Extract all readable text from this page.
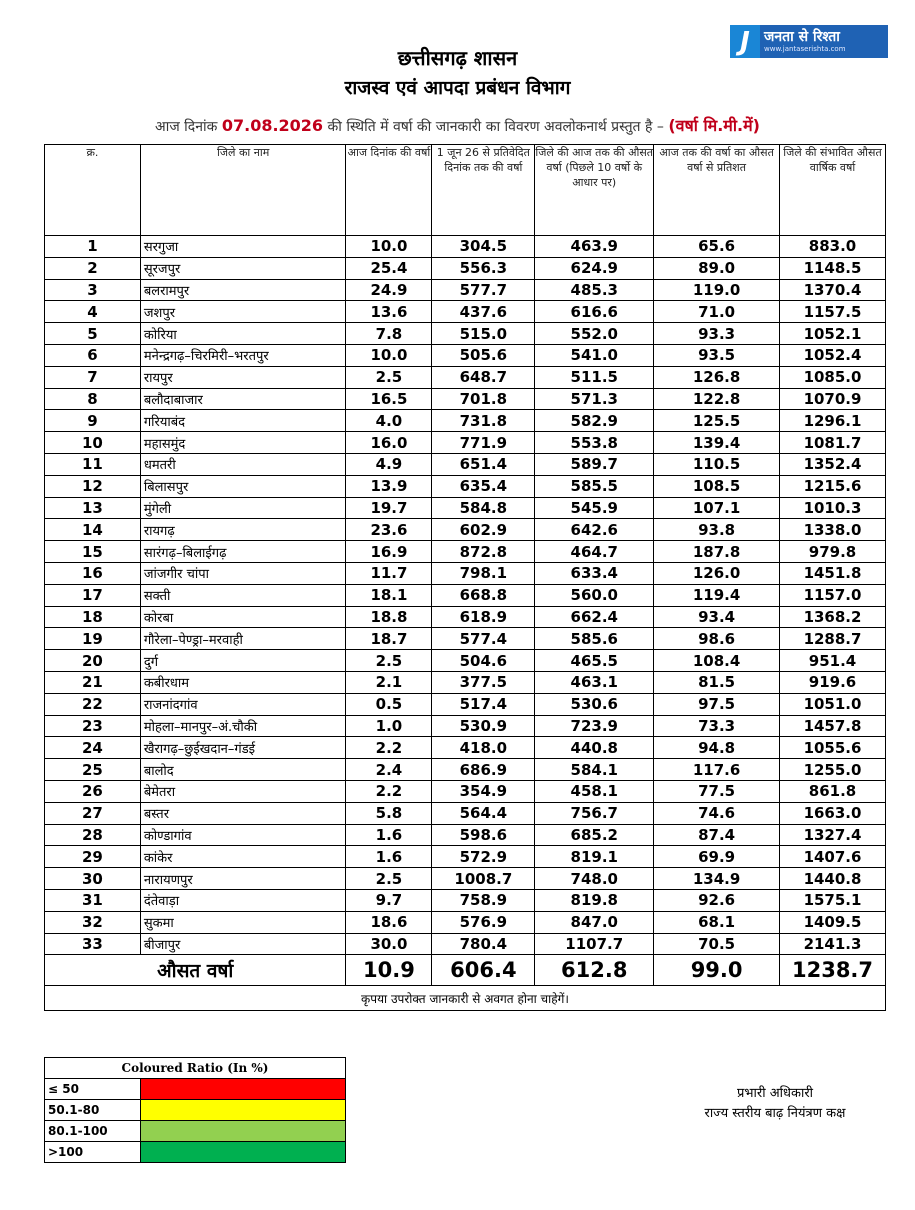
छत्तीसगढ़ शासन
राजस्व एवं आपदा प्रबंधन विभाग
आज दिनांक 07.08.2026 की स्थिति में वर्षा की जानकारी का विवरण अवलोकनार्थ प्रस्तुत है – (वर्षा मि.मी.में)
J	जनता से रिश्ता
www.jantaserishta.com
क्र.	जिले का नाम	आज दिनांक की वर्षा	1 जून 26 से प्रतिवेदित दिनांक तक की वर्षा	जिले की आज तक की औसत वर्षा (पिछले 10 वर्षो के आधार पर)	आज तक की वर्षा का औसत वर्षा से प्रतिशत	जिले की संभावित औसत वार्षिक वर्षा
1	सरगुजा	10.0	304.5	463.9	65.6	883.0
2	सूरजपुर	25.4	556.3	624.9	89.0	1148.5
3	बलरामपुर	24.9	577.7	485.3	119.0	1370.4
4	जशपुर	13.6	437.6	616.6	71.0	1157.5
5	कोरिया	7.8	515.0	552.0	93.3	1052.1
6	मनेन्द्रगढ़–चिरमिरी–भरतपुर	10.0	505.6	541.0	93.5	1052.4
7	रायपुर	2.5	648.7	511.5	126.8	1085.0
8	बलौदाबाजार	16.5	701.8	571.3	122.8	1070.9
9	गरियाबंद	4.0	731.8	582.9	125.5	1296.1
10	महासमुंद	16.0	771.9	553.8	139.4	1081.7
11	धमतरी	4.9	651.4	589.7	110.5	1352.4
12	बिलासपुर	13.9	635.4	585.5	108.5	1215.6
13	मुंगेली	19.7	584.8	545.9	107.1	1010.3
14	रायगढ़	23.6	602.9	642.6	93.8	1338.0
15	सारंगढ़–बिलाईगढ़	16.9	872.8	464.7	187.8	979.8
16	जांजगीर चांपा	11.7	798.1	633.4	126.0	1451.8
17	सक्ती	18.1	668.8	560.0	119.4	1157.0
18	कोरबा	18.8	618.9	662.4	93.4	1368.2
19	गौरेला–पेण्ड्रा–मरवाही	18.7	577.4	585.6	98.6	1288.7
20	दुर्ग	2.5	504.6	465.5	108.4	951.4
21	कबीरधाम	2.1	377.5	463.1	81.5	919.6
22	राजनांदगांव	0.5	517.4	530.6	97.5	1051.0
23	मोहला–मानपुर–अं.चौकी	1.0	530.9	723.9	73.3	1457.8
24	खैरागढ़–छुईखदान–गंडई	2.2	418.0	440.8	94.8	1055.6
25	बालोद	2.4	686.9	584.1	117.6	1255.0
26	बेमेतरा	2.2	354.9	458.1	77.5	861.8
27	बस्तर	5.8	564.4	756.7	74.6	1663.0
28	कोण्डागांव	1.6	598.6	685.2	87.4	1327.4
29	कांकेर	1.6	572.9	819.1	69.9	1407.6
30	नारायणपुर	2.5	1008.7	748.0	134.9	1440.8
31	दंतेवाड़ा	9.7	758.9	819.8	92.6	1575.1
32	सुकमा	18.6	576.9	847.0	68.1	1409.5
33	बीजापुर	30.0	780.4	1107.7	70.5	2141.3
औसत वर्षा		10.9	606.4	612.8	99.0	1238.7
कृपया उपरोक्त जानकारी से अवगत होना चाहेगें।						
Coloured Ratio (In %)	
≤ 50	
50.1-80	
80.1-100	
>100	
प्रभारी अधिकारी
राज्य स्तरीय बाढ़ नियंत्रण कक्ष
